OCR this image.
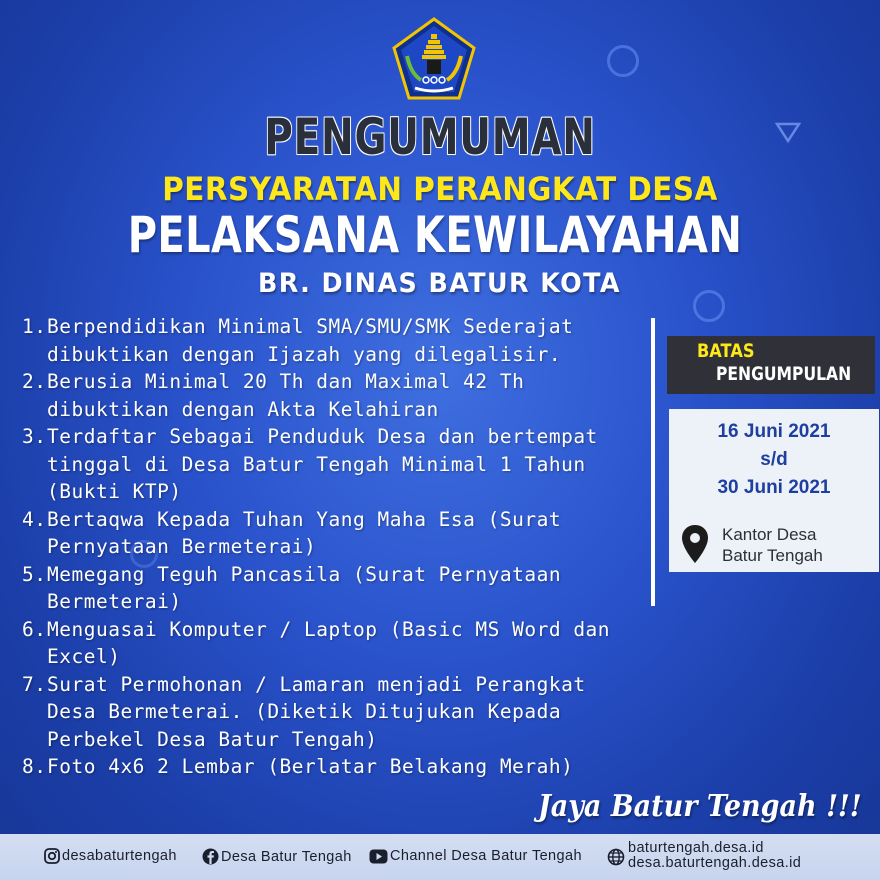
PENGUMUMAN
PERSYARATAN PERANGKAT DESA
PELAKSANA KEWILAYAHAN
BR. DINAS BATUR KOTA
1. Berpendidikan Minimal SMA/SMU/SMK Sederajat dibuktikan dengan Ijazah yang dilegalisir.
2. Berusia Minimal 20 Th dan Maximal 42 Th dibuktikan dengan Akta Kelahiran
3. Terdaftar Sebagai Penduduk Desa dan bertempat tinggal di Desa Batur Tengah Minimal 1 Tahun (Bukti KTP)
4. Bertaqwa Kepada Tuhan Yang Maha Esa (Surat Pernyataan Bermeterai)
5. Memegang Teguh Pancasila (Surat Pernyataan Bermeterai)
6. Menguasai Komputer / Laptop (Basic MS Word dan Excel)
7. Surat Permohonan / Lamaran menjadi Perangkat Desa Bermeterai. (Diketik Ditujukan Kepada Perbekel Desa Batur Tengah)
8. Foto 4x6 2 Lembar (Berlatar Belakang Merah)
BATAS
PENGUMPULAN
16 Juni 2021
s/d
30 Juni 2021
Kantor Desa
Batur Tengah
Jaya Batur Tengah !!!
desabaturtengah	Desa Batur Tengah	Channel Desa Batur Tengah	baturtengah.desa.id
desa.baturtengah.desa.id
